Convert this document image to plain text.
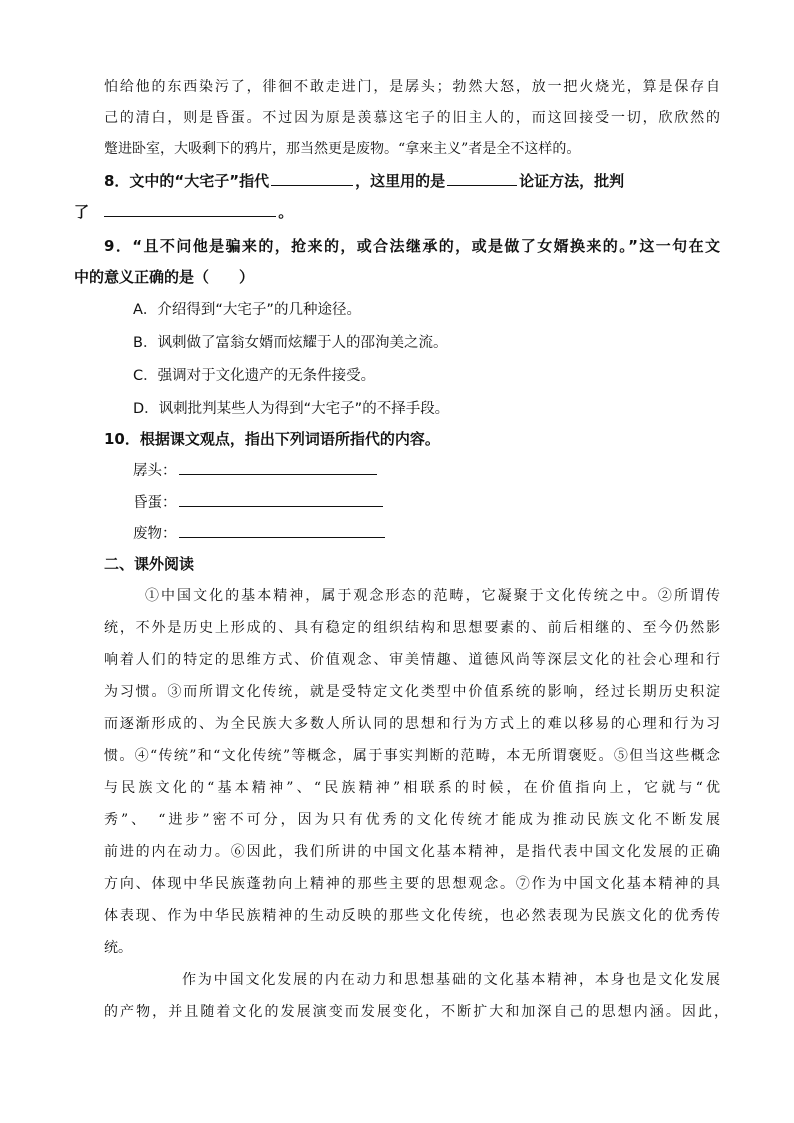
怕给他的东西染污了，徘徊不敢走进门，是孱头；勃然大怒，放一把火烧光，算是保存自
己的清白，则是昏蛋。不过因为原是羡慕这宅子的旧主人的，而这回接受一切，欣欣然的
蹩进卧室，大吸剩下的鸦片，那当然更是废物。“拿来主义”者是全不这样的。
8．文中的“大宅子”指代	，这里用的是	论证方法，批判
了	。
9．“且不问他是骗来的，抢来的，或合法继承的，或是做了女婿换来的。”这一句在文
中的意义正确的是（　　）
A．介绍得到“大宅子”的几种途径。
B．讽刺做了富翁女婿而炫耀于人的邵洵美之流。
C．强调对于文化遗产的无条件接受。
D．讽刺批判某些人为得到“大宅子”的不择手段。
10．根据课文观点，指出下列词语所指代的内容。
孱头：
昏蛋：
废物：
二、课外阅读
①中国文化的基本精神，属于观念形态的范畴，它凝聚于文化传统之中。②所谓传
统，不外是历史上形成的、具有稳定的组织结构和思想要素的、前后相继的、至今仍然影
响着人们的特定的思维方式、价值观念、审美情趣、道德风尚等深层文化的社会心理和行
为习惯。③而所谓文化传统，就是受特定文化类型中价值系统的影响，经过长期历史积淀
而逐渐形成的、为全民族大多数人所认同的思想和行为方式上的难以移易的心理和行为习
惯。④“传统”和“文化传统”等概念，属于事实判断的范畴，本无所谓褒贬。⑤但当这些概念
与民族文化的“基本精神”、“民族精神”相联系的时候，在价值指向上，它就与“优
秀”、　“进步”密不可分，因为只有优秀的文化传统才能成为推动民族文化不断发展
前进的内在动力。⑥因此，我们所讲的中国文化基本精神，是指代表中国文化发展的正确
方向、体现中华民族蓬勃向上精神的那些主要的思想观念。⑦作为中国文化基本精神的具
体表现、作为中华民族精神的生动反映的那些文化传统，也必然表现为民族文化的优秀传
统。
作为中国文化发展的内在动力和思想基础的文化基本精神，本身也是文化发展
的产物，并且随着文化的发展演变而发展变化，不断扩大和加深自己的思想内涵。因此，
